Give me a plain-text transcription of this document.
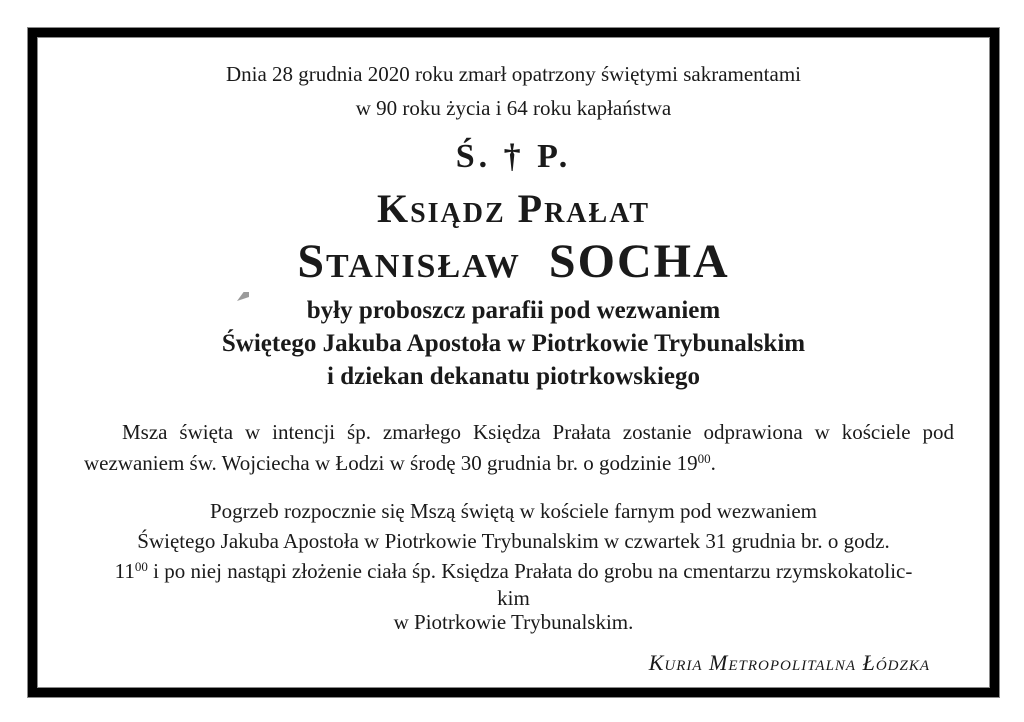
Dnia 28 grudnia 2020 roku zmarł opatrzony świętymi sakramentami
w 90 roku życia i 64 roku kapłaństwa
Ś. † P.
Ksiądz Prałat
Stanisław SOCHA
były proboszcz parafii pod wezwaniem
Świętego Jakuba Apostoła w Piotrkowie Trybunalskim
i dziekan dekanatu piotrkowskiego
Msza święta w intencji śp. zmarłego Księdza Prałata zostanie odprawiona w kościele pod
wezwaniem św. Wojciecha w Łodzi w środę 30 grudnia br. o godzinie 1900.
Pogrzeb rozpocznie się Mszą świętą w kościele farnym pod wezwaniem
Świętego Jakuba Apostoła w Piotrkowie Trybunalskim w czwartek 31 grudnia br. o godz.
1100 i po niej nastąpi złożenie ciała śp. Księdza Prałata do grobu na cmentarzu rzymskokatolic-
kim
w Piotrkowie Trybunalskim.
Kuria Metropolitalna Łódzka
